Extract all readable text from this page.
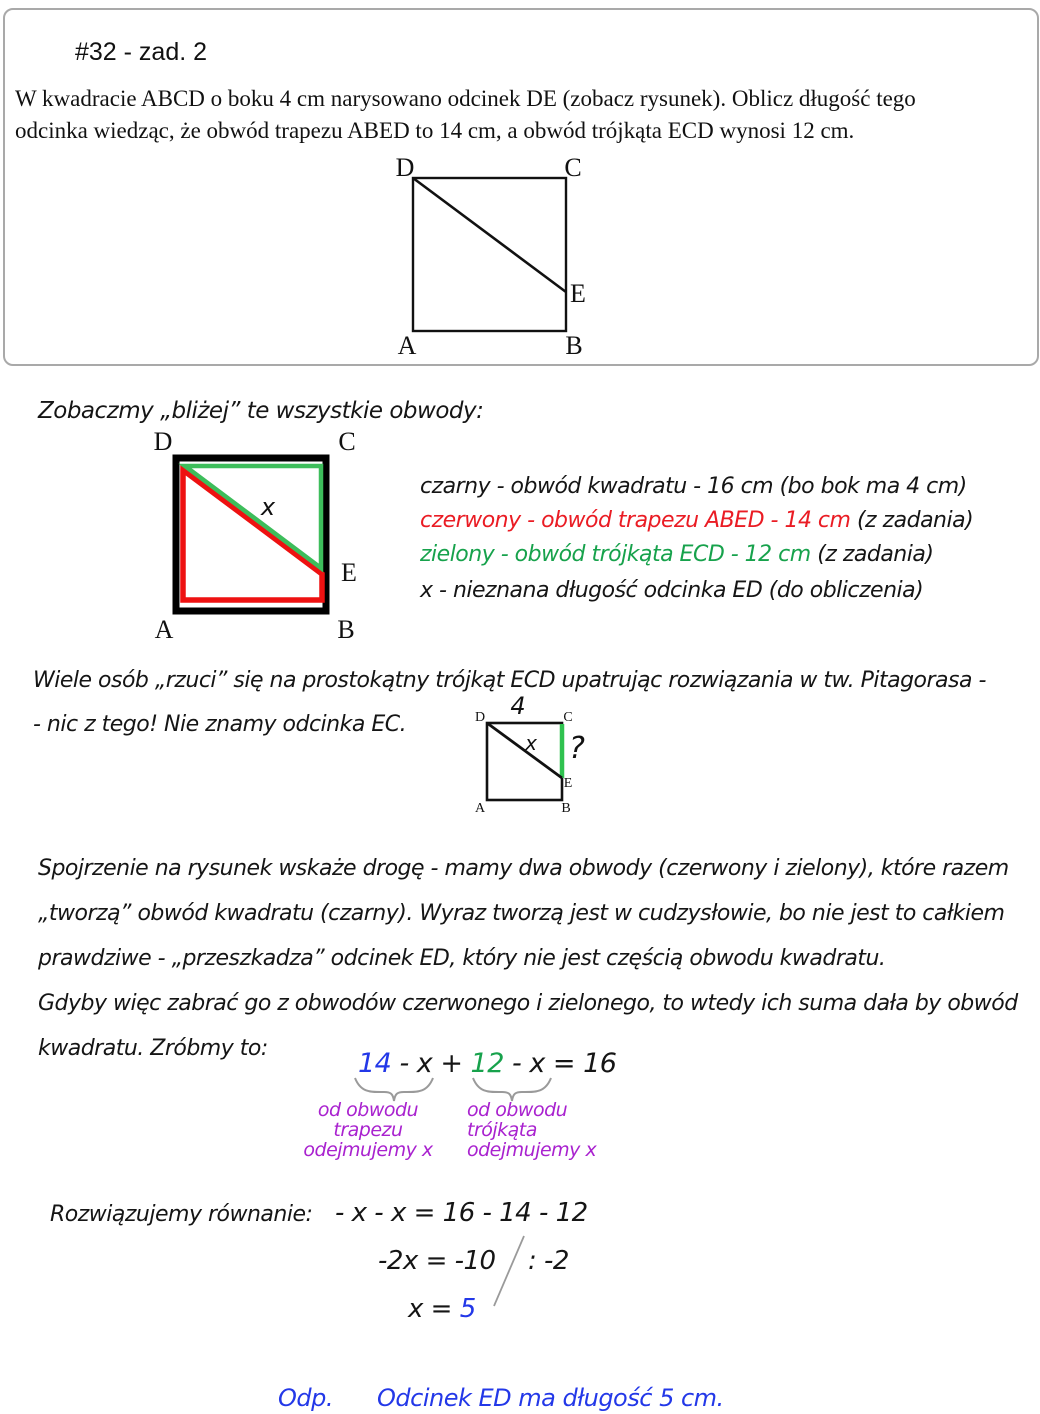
#32 - zad. 2
W kwadracie ABCD o boku 4 cm narysowano odcinek DE (zobacz rysunek). Oblicz długość tego
odcinka wiedząc, że obwód trapezu ABED to 14 cm, a obwód trójkąta ECD wynosi 12 cm.
D	C
A	B
E
Zobaczmy „bliżej” te wszystkie obwody:
D	C
A	B
E
x
czarny - obwód kwadratu - 16 cm (bo bok ma 4 cm)
czerwony - obwód trapezu ABED - 14 cm (z zadania)
zielony - obwód trójkąta ECD - 12 cm (z zadania)
x - nieznana długość odcinka ED (do obliczenia)
Wiele osób „rzuci” się na prostokątny trójkąt ECD upatrując rozwiązania w tw. Pitagorasa -
- nic z tego! Nie znamy odcinka EC.
4
?
x
D	C
A	B
E
Spojrzenie na rysunek wskaże drogę - mamy dwa obwody (czerwony i zielony), które razem
„tworzą” obwód kwadratu (czarny). Wyraz tworzą jest w cudzysłowie, bo nie jest to całkiem
prawdziwe - „przeszkadza” odcinek ED, który nie jest częścią obwodu kwadratu.
Gdyby więc zabrać go z obwodów czerwonego i zielonego, to wtedy ich suma dała by obwód
kwadratu. Zróbmy to:	14 - x + 12 - x = 16
od obwodu
trapezu
odejmujemy x
od obwodu
trójkąta
odejmujemy x
Rozwiązujemy równanie: - x - x = 16 - 14 - 12
-2x = -10 : -2
x = 5
Odp. Odcinek ED ma długość 5 cm.
